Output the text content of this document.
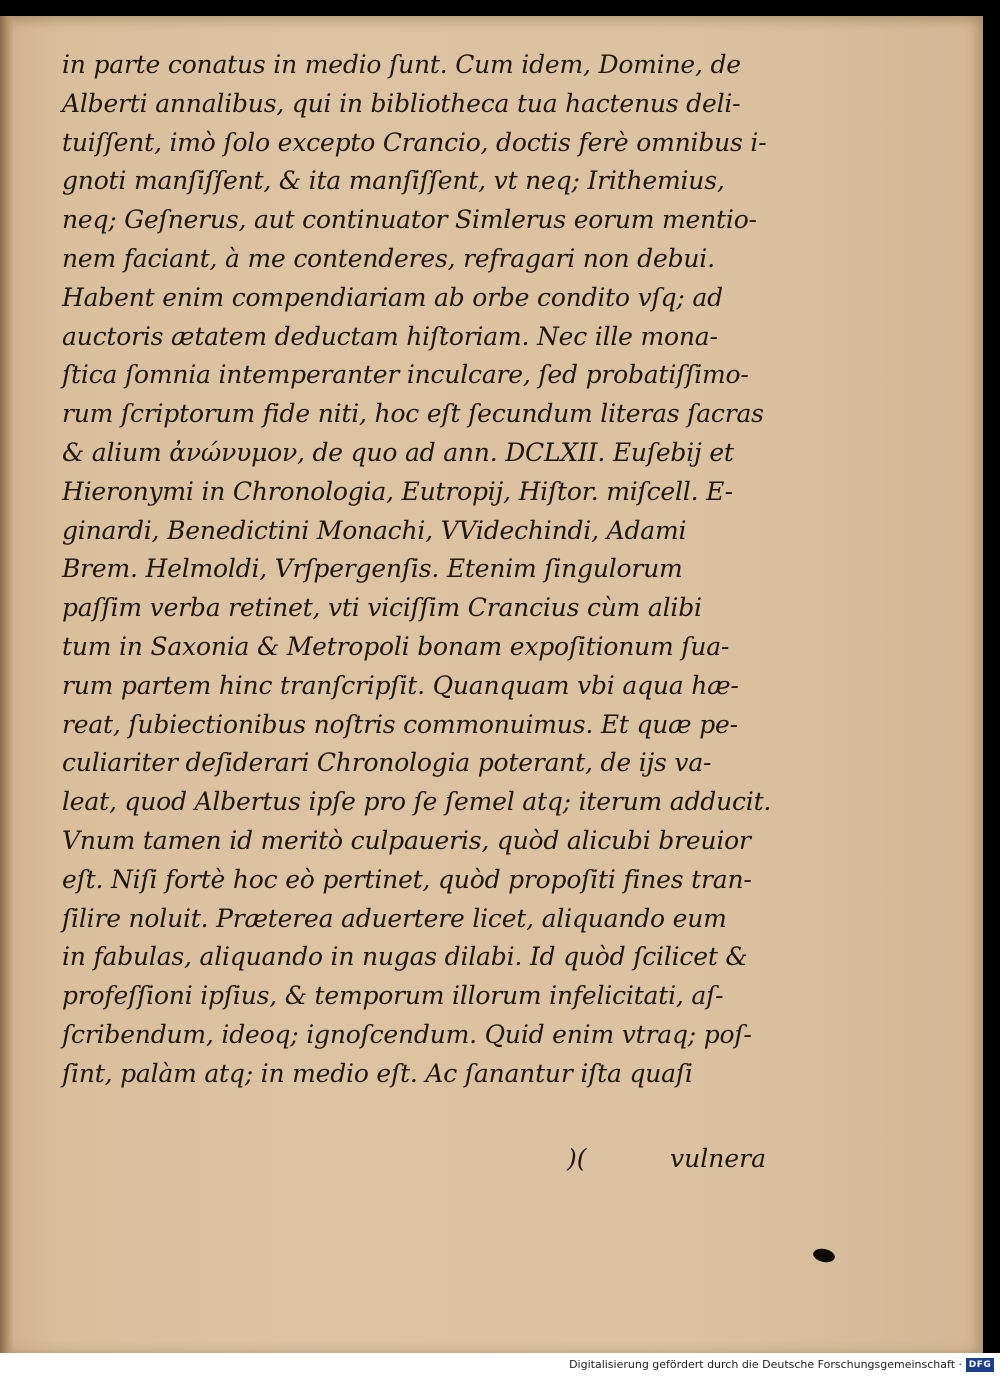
in parte conatus in medio ſunt. Cum idem, Domine, de
Alberti annalibus, qui in bibliotheca tua hactenus deli-
tuiſſent, imò ſolo excepto Crancio, doctis ferè omnibus i-
gnoti manſiſſent, & ita manſiſſent, vt neq; Irithemius,
neq; Geſnerus, aut continuator Simlerus eorum mentio-
nem faciant, à me contenderes, refragari non debui.
Habent enim compendiariam ab orbe condito vſq; ad
auctoris ætatem deductam hiſtoriam. Nec ille mona-
ſtica ſomnia intemperanter inculcare, ſed probatiſſimo-
rum ſcriptorum fide niti, hoc eſt ſecundum literas ſacras
& alium ἀνώνυμον, de quo ad ann. DCLXII. Euſebij et
Hieronymi in Chronologia, Eutropij, Hiſtor. miſcell. E-
ginardi, Benedictini Monachi, VVidechindi, Adami
Brem. Helmoldi, Vrſpergenſis. Etenim ſingulorum
paſſim verba retinet, vti viciſſim Crancius cùm alibi
tum in Saxonia & Metropoli bonam expoſitionum ſua-
rum partem hinc tranſcripſit. Quanquam vbi aqua hæ-
reat, ſubiectionibus noſtris commonuimus. Et quæ pe-
culiariter deſiderari Chronologia poterant, de ijs va-
leat, quod Albertus ipſe pro ſe ſemel atq; iterum adducit.
Vnum tamen id meritò culpaueris, quòd alicubi breuior
eſt. Niſi fortè hoc eò pertinet, quòd propoſiti fines tran-
ſilire noluit. Præterea aduertere licet, aliquando eum
in fabulas, aliquando in nugas dilabi. Id quòd ſcilicet &
profeſſioni ipſius, & temporum illorum infelicitati, aſ-
ſcribendum, ideoq; ignoſcendum. Quid enim vtraq; poſ-
ſint, palàm atq; in medio eſt. Ac ſanantur iſta quaſi
)(	vulnera
Digitalisierung gefördert durch die Deutsche Forschungsgemeinschaft · DFG
